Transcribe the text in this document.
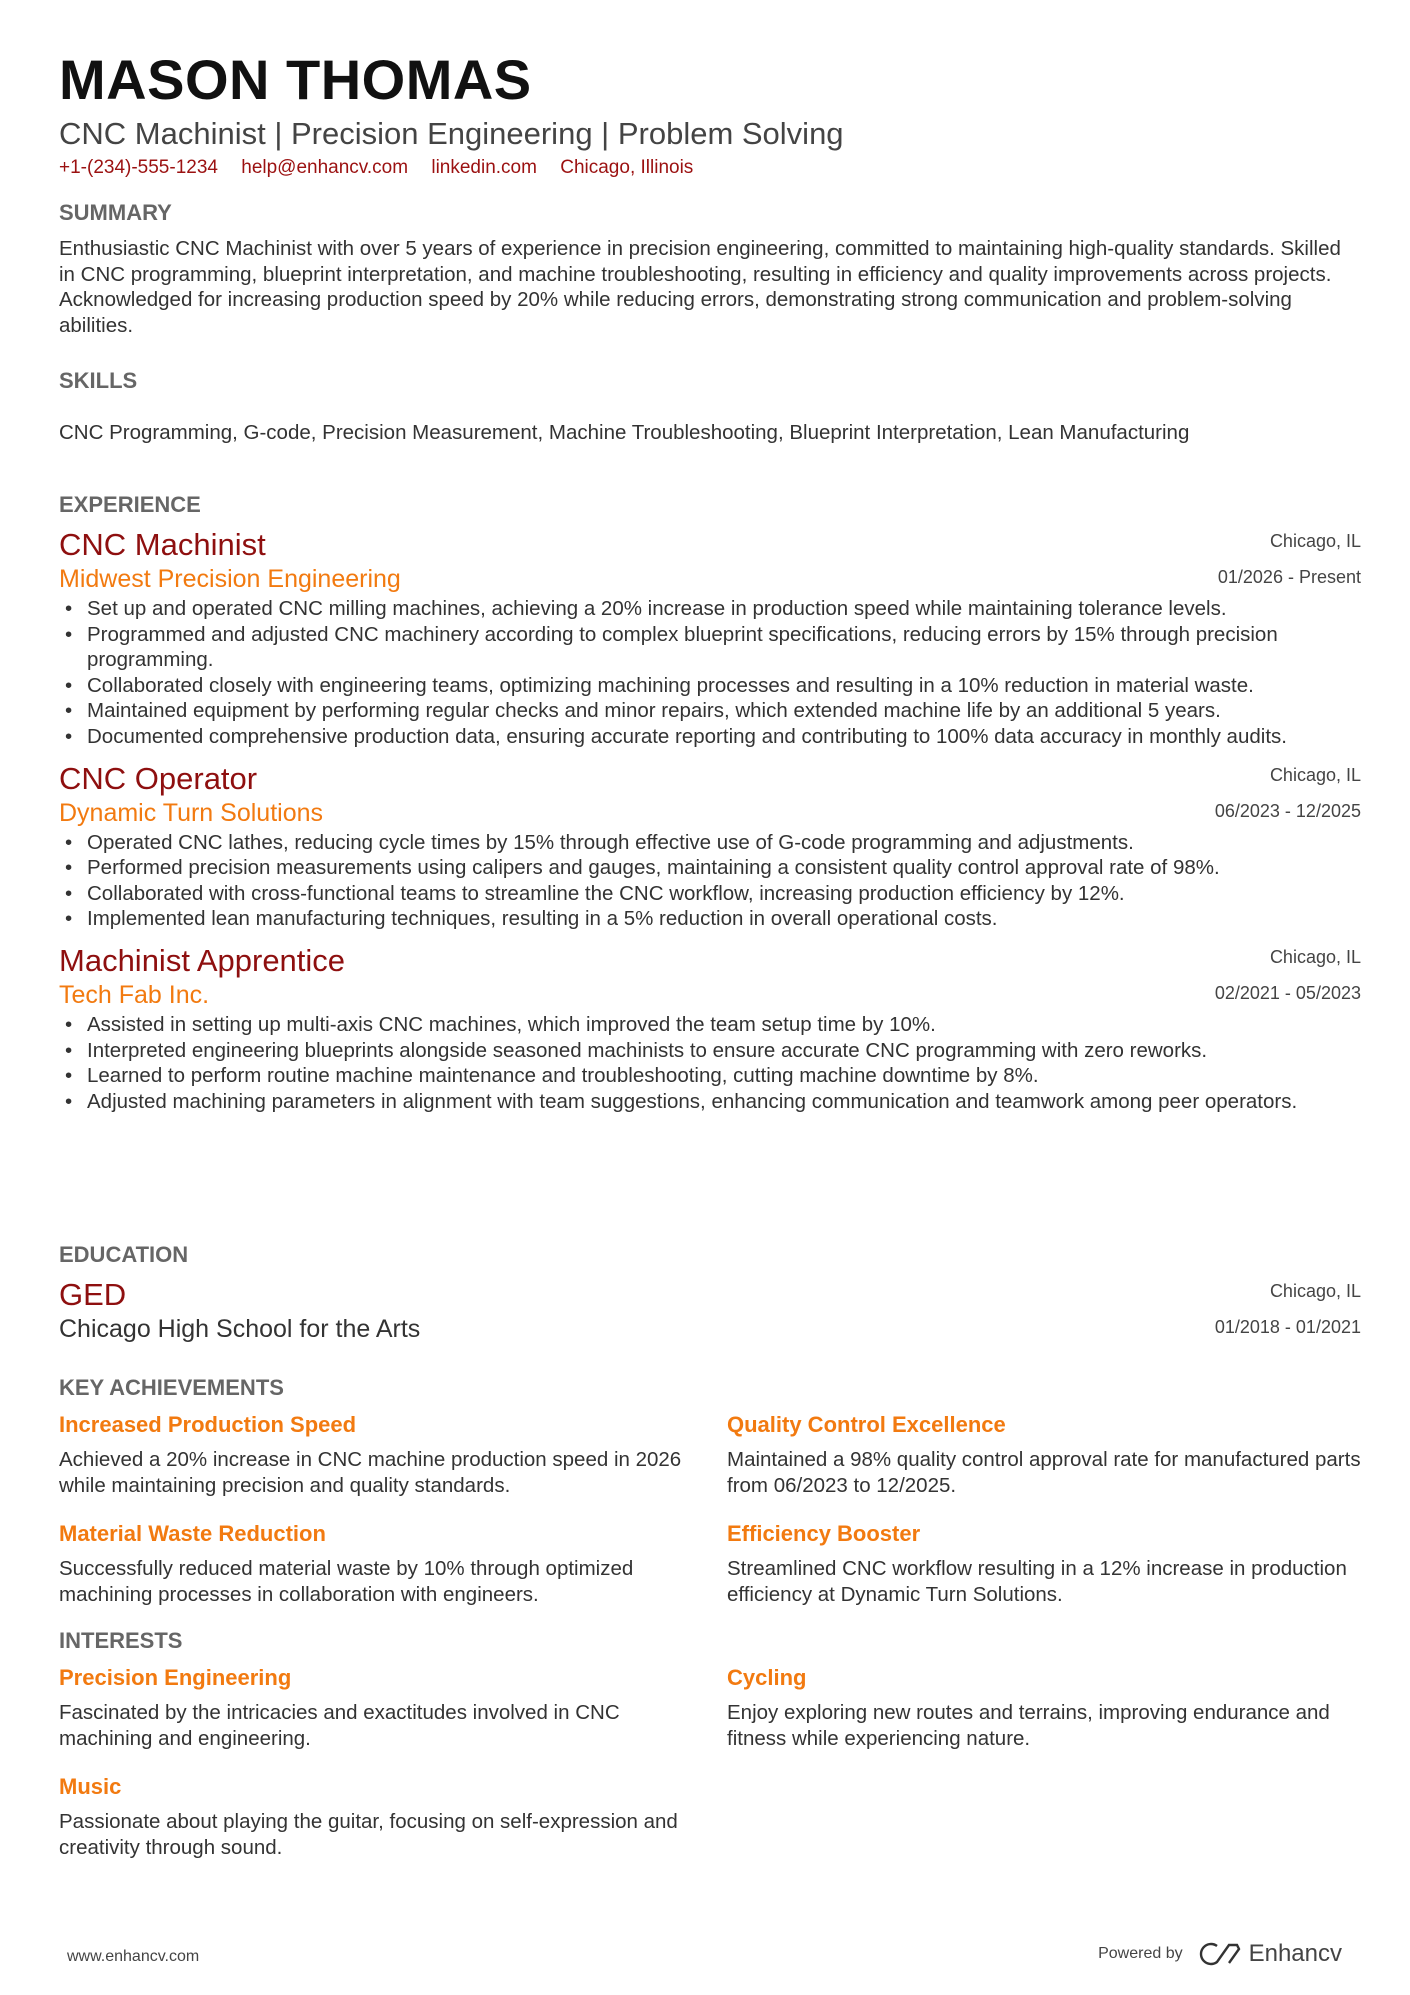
MASON THOMAS
CNC Machinist | Precision Engineering | Problem Solving
+1-(234)-555-1234 help@enhancv.com linkedin.com Chicago, Illinois
SUMMARY
Enthusiastic CNC Machinist with over 5 years of experience in precision engineering, committed to maintaining high-quality standards. Skilled in CNC programming, blueprint interpretation, and machine troubleshooting, resulting in efficiency and quality improvements across projects. Acknowledged for increasing production speed by 20% while reducing errors, demonstrating strong communication and problem-solving abilities.
SKILLS
CNC Programming, G-code, Precision Measurement, Machine Troubleshooting, Blueprint Interpretation, Lean Manufacturing
EXPERIENCE
CNC Machinist
Midwest Precision Engineering
Chicago, IL
01/2026 - Present
• Set up and operated CNC milling machines, achieving a 20% increase in production speed while maintaining tolerance levels.
• Programmed and adjusted CNC machinery according to complex blueprint specifications, reducing errors by 15% through precision programming.
• Collaborated closely with engineering teams, optimizing machining processes and resulting in a 10% reduction in material waste.
• Maintained equipment by performing regular checks and minor repairs, which extended machine life by an additional 5 years.
• Documented comprehensive production data, ensuring accurate reporting and contributing to 100% data accuracy in monthly audits.
CNC Operator
Dynamic Turn Solutions
Chicago, IL
06/2023 - 12/2025
• Operated CNC lathes, reducing cycle times by 15% through effective use of G-code programming and adjustments.
• Performed precision measurements using calipers and gauges, maintaining a consistent quality control approval rate of 98%.
• Collaborated with cross-functional teams to streamline the CNC workflow, increasing production efficiency by 12%.
• Implemented lean manufacturing techniques, resulting in a 5% reduction in overall operational costs.
Machinist Apprentice
Tech Fab Inc.
Chicago, IL
02/2021 - 05/2023
• Assisted in setting up multi-axis CNC machines, which improved the team setup time by 10%.
• Interpreted engineering blueprints alongside seasoned machinists to ensure accurate CNC programming with zero reworks.
• Learned to perform routine machine maintenance and troubleshooting, cutting machine downtime by 8%.
• Adjusted machining parameters in alignment with team suggestions, enhancing communication and teamwork among peer operators.
EDUCATION
GED
Chicago High School for the Arts
Chicago, IL
01/2018 - 01/2021
KEY ACHIEVEMENTS
Increased Production Speed
Achieved a 20% increase in CNC machine production speed in 2026 while maintaining precision and quality standards.
Quality Control Excellence
Maintained a 98% quality control approval rate for manufactured parts from 06/2023 to 12/2025.
Material Waste Reduction
Successfully reduced material waste by 10% through optimized machining processes in collaboration with engineers.
Efficiency Booster
Streamlined CNC workflow resulting in a 12% increase in production efficiency at Dynamic Turn Solutions.
INTERESTS
Precision Engineering
Fascinated by the intricacies and exactitudes involved in CNC machining and engineering.
Cycling
Enjoy exploring new routes and terrains, improving endurance and fitness while experiencing nature.
Music
Passionate about playing the guitar, focusing on self-expression and creativity through sound.
www.enhancv.com	Powered by	Enhancv
